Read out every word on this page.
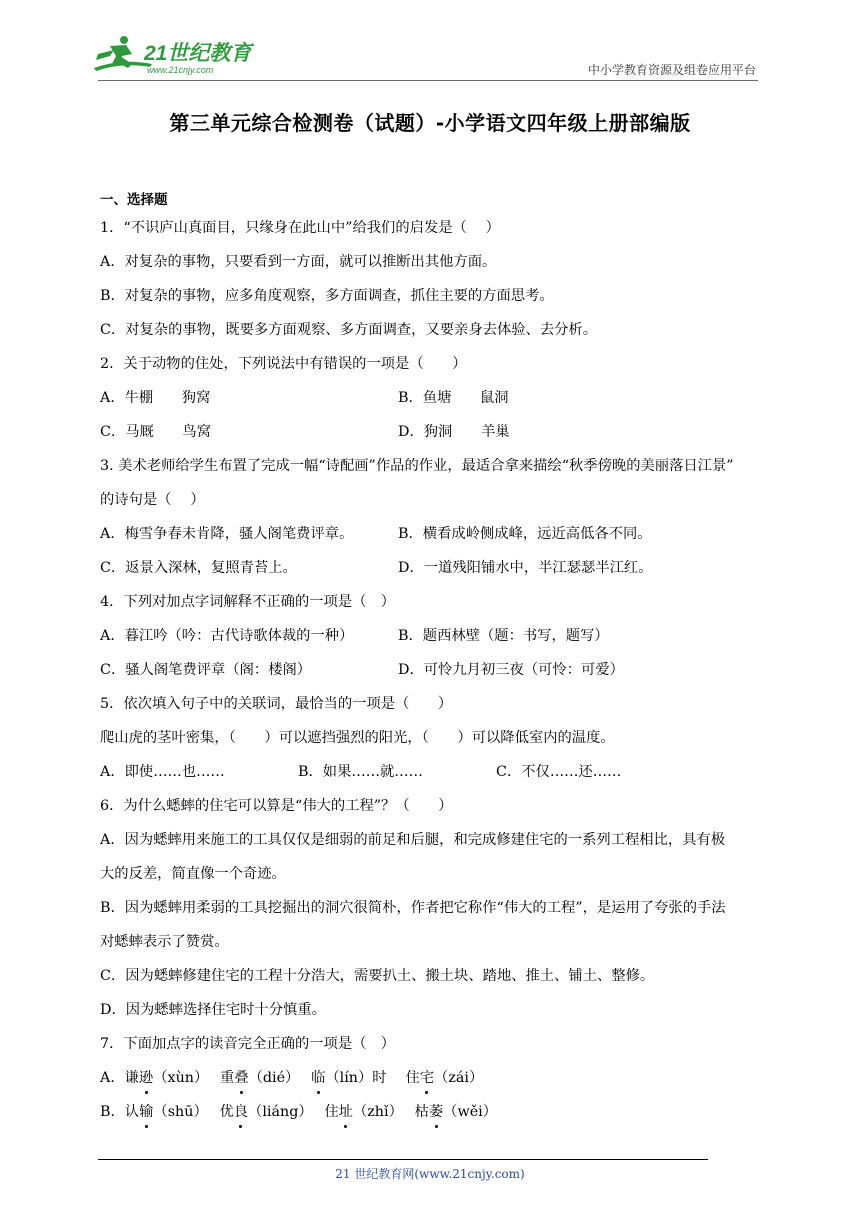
21世纪教育
www.21cnjy.com	中小学教育资源及组卷应用平台
第三单元综合检测卷（试题）-小学语文四年级上册部编版
一、选择题
1．“不识庐山真面目，只缘身在此山中”给我们的启发是（　 ）
A．对复杂的事物，只要看到一方面，就可以推断出其他方面。
B．对复杂的事物，应多角度观察，多方面调查，抓住主要的方面思考。
C．对复杂的事物，既要多方面观察、多方面调查，又要亲身去体验、去分析。
2．关于动物的住处，下列说法中有错误的一项是（　　）
A．牛棚　　狗窝	B．鱼塘　　鼠洞
C．马厩　　鸟窝	D．狗洞　　羊巢
3. 美术老师给学生布置了完成一幅“诗配画”作品的作业，最适合拿来描绘“秋季傍晚的美丽落日江景”
的诗句是（　 ）
A．梅雪争春未肯降，骚人阁笔费评章。	B．横看成岭侧成峰，远近高低各不同。
C．返景入深林，复照青苔上。	D．一道残阳铺水中，半江瑟瑟半江红。
4．下列对加点字词解释不正确的一项是（　）
A．暮江吟（吟：古代诗歌体裁的一种）	B．题西林壁（题：书写，题写）
C．骚人阁笔费评章（阁：楼阁）	D．可怜九月初三夜（可怜：可爱）
5．依次填入句子中的关联词，最恰当的一项是（　　）
爬山虎的茎叶密集，（　　）可以遮挡强烈的阳光，（　　）可以降低室内的温度。
A．即使……也……	B．如果……就……	C．不仅……还……
6．为什么蟋蟀的住宅可以算是“伟大的工程”？（　　）
A．因为蟋蟀用来施工的工具仅仅是细弱的前足和后腿，和完成修建住宅的一系列工程相比，具有极
大的反差，简直像一个奇迹。
B．因为蟋蟀用柔弱的工具挖掘出的洞穴很简朴，作者把它称作“伟大的工程”，是运用了夸张的手法
对蟋蟀表示了赞赏。
C．因为蟋蟀修建住宅的工程十分浩大，需要扒土、搬土块、踏地、推土、铺土、整修。
D．因为蟋蟀选择住宅时十分慎重。
7．下面加点字的读音完全正确的一项是（　）
A．谦逊（xùn）　 重叠（dié）　 临（lín）时　 住宅（zái）
B．认输（shū）　 优良（liáng）　 住址（zhǐ）　 枯萎（wěi）
21 世纪教育网(www.21cnjy.com)
